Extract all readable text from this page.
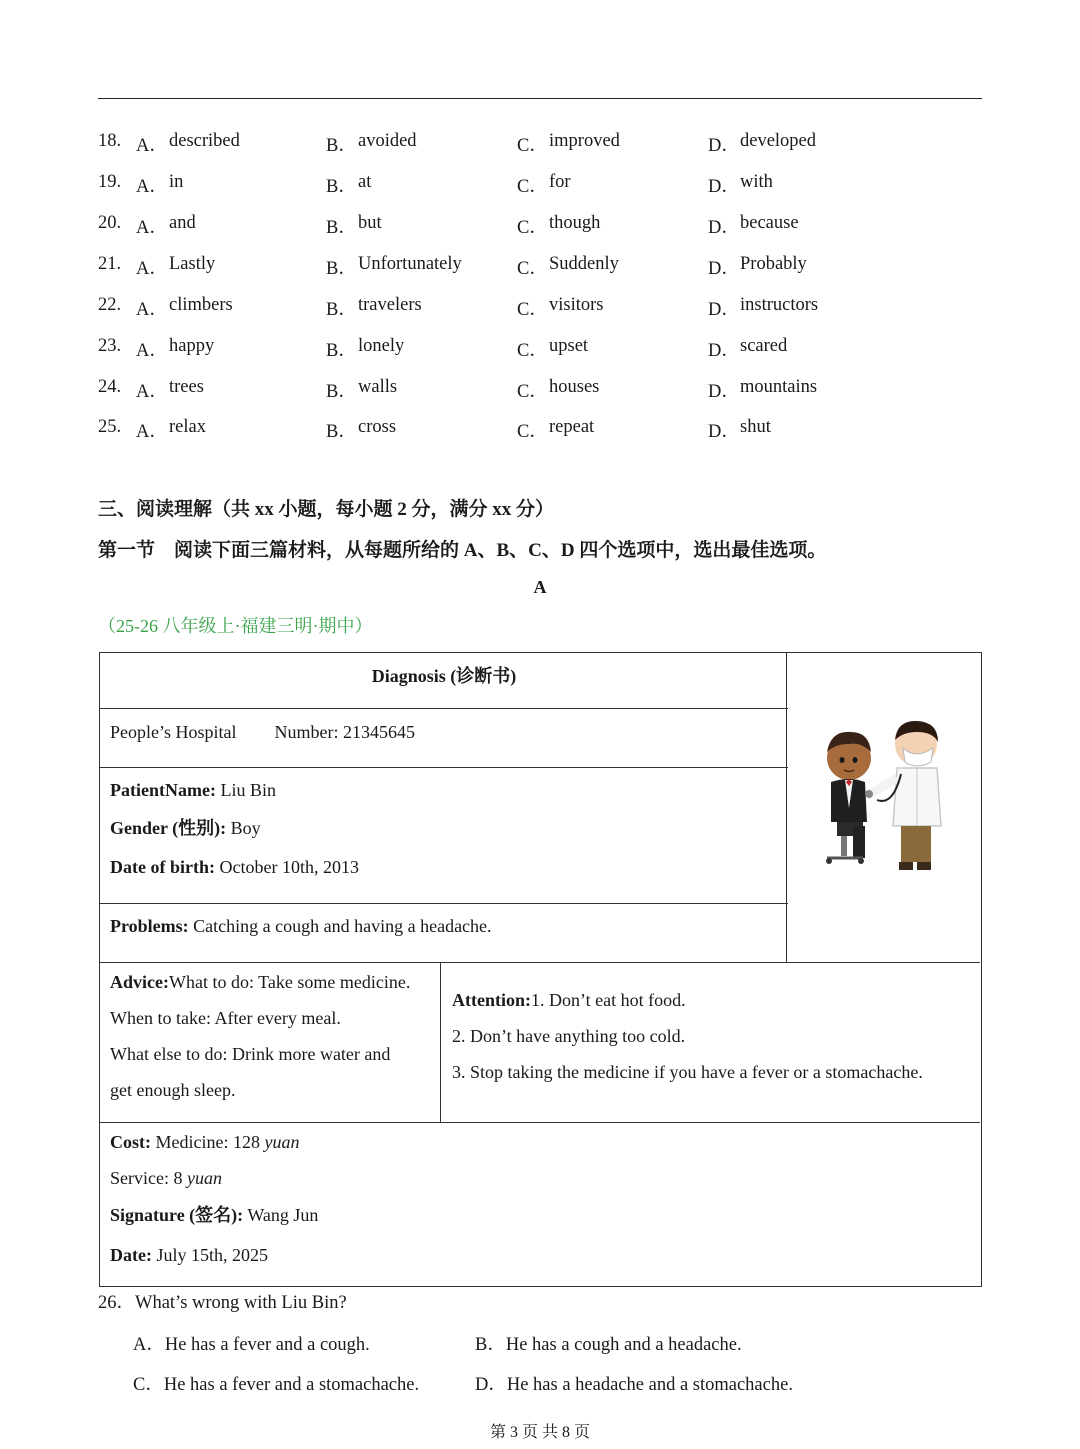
18. A． described	B． avoided	C． improved	D． developed
19. A． in	B． at	C． for	D． with
20. A． and	B． but	C． though	D． because
21. A． Lastly	B． Unfortunately	C． Suddenly	D． Probably
22. A． climbers	B． travelers	C． visitors	D． instructors
23. A． happy	B． lonely	C． upset	D． scared
24. A． trees	B． walls	C． houses	D． mountains
25. A． relax	B． cross	C． repeat	D． shut
三、阅读理解（共 xx 小题，每小题 2 分，满分 xx 分）
第一节　阅读下面三篇材料，从每题所给的 A、B、C、D 四个选项中，选出最佳选项。
A
（25-26 八年级上·福建三明·期中）
Diagnosis (诊断书)
People’s Hospital Number: 21345645
PatientName: Liu Bin
Gender (性别): Boy
Date of birth: October 10th, 2013
Problems: Catching a cough and having a headache.
Advice:What to do: Take some medicine.
When to take: After every meal.
What else to do: Drink more water and
get enough sleep.
Attention:1. Don’t eat hot food.
2. Don’t have anything too cold.
3. Stop taking the medicine if you have a fever or a stomachache.
Cost: Medicine: 128 yuan
Service: 8 yuan
Signature (签名): Wang Jun
Date: July 15th, 2025
26．What’s wrong with Liu Bin?
A．He has a fever and a cough.	B．He has a cough and a headache.
C．He has a fever and a stomachache.	D．He has a headache and a stomachache.
第 3 页 共 8 页
